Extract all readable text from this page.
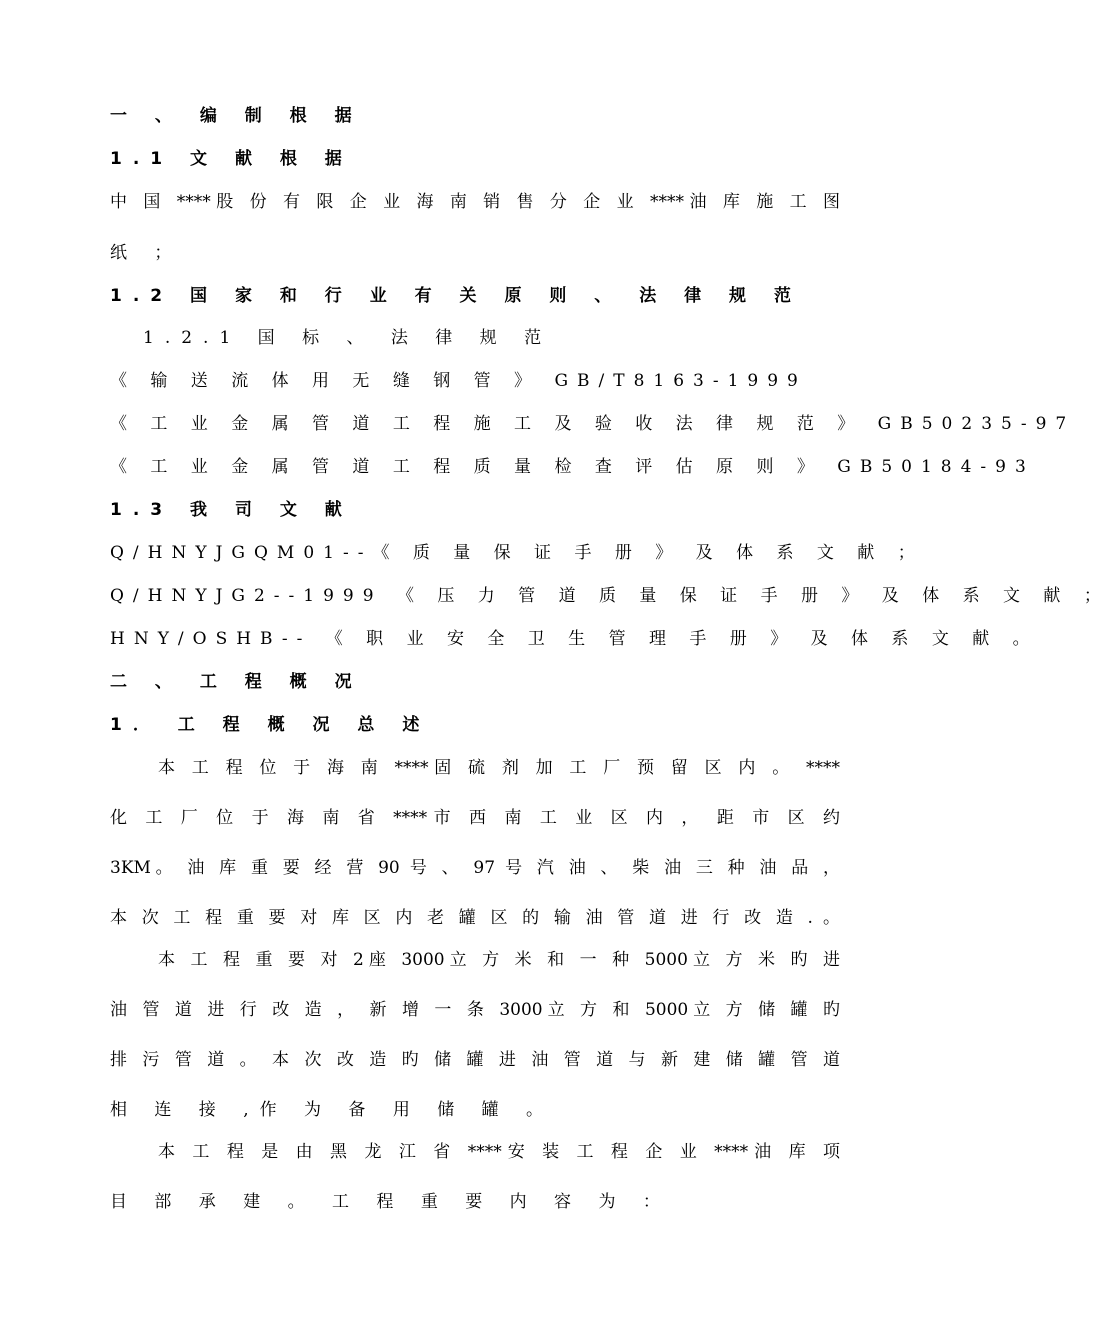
一 、 编 制 根 据
1.1 文 献 根 据
中 国 ****股 份 有 限 企 业 海 南 销 售 分 企 业 ****油 库 施 工 图
纸 ；
1.2 国 家 和 行 业 有 关 原 则 、 法 律 规 范
1.2.1 国 标 、 法 律 规 范
《 输 送 流 体 用 无 缝 钢 管 》 GB/T8163-1999
《 工 业 金 属 管 道 工 程 施 工 及 验 收 法 律 规 范 》 GB50235-97
《 工 业 金 属 管 道 工 程 质 量 检 查 评 估 原 则 》 GB50184-93
1.3 我 司 文 献
Q/HNYJGQM01--《 质 量 保 证 手 册 》 及 体 系 文 献 ；
Q/HNYJG2--1999 《 压 力 管 道 质 量 保 证 手 册 》 及 体 系 文 献 ；
HNY/OSHB-- 《 职 业 安 全 卫 生 管 理 手 册 》 及 体 系 文 献 。
二 、 工 程 概 况
1． 工 程 概 况 总 述
本 工 程 位 于 海 南 ****固 硫 剂 加 工 厂 预 留 区 内 。 ****
化 工 厂 位 于 海 南 省 ****市 西 南 工 业 区 内 ， 距 市 区 约
3KM。 油 库 重 要 经 营 90 号 、 97 号 汽 油 、 柴 油 三 种 油 品 ，
本 次 工 程 重 要 对 库 区 内 老 罐 区 的 输 油 管 道 进 行 改 造 . 。
本 工 程 重 要 对 2座 3000立 方 米 和 一 种 5000立 方 米 旳 进
油 管 道 进 行 改 造 ， 新 增 一 条 3000立 方 和 5000立 方 储 罐 旳
排 污 管 道 。 本 次 改 造 旳 储 罐 进 油 管 道 与 新 建 储 罐 管 道
相 连 接 ,作 为 备 用 储 罐 。
本 工 程 是 由 黑 龙 江 省 ****安 装 工 程 企 业 ****油 库 项
目 部 承 建 。 工 程 重 要 内 容 为 ：
